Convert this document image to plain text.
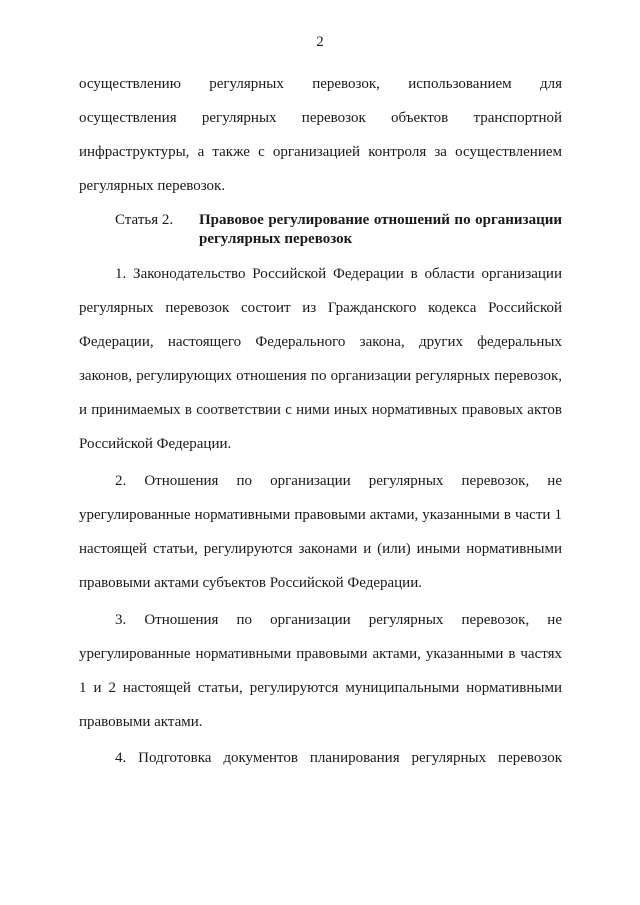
2
осуществлению регулярных перевозок, использованием для
осуществления регулярных перевозок объектов транспортной
инфраструктуры, а также с организацией контроля за осуществлением
регулярных перевозок.
Статья 2. Правовое регулирование отношений по организации
регулярных перевозок
1. Законодательство Российской Федерации в области организации
регулярных перевозок состоит из Гражданского кодекса Российской
Федерации, настоящего Федерального закона, других федеральных
законов, регулирующих отношения по организации регулярных перевозок,
и принимаемых в соответствии с ними иных нормативных правовых актов
Российской Федерации.
2. Отношения по организации регулярных перевозок, не
урегулированные нормативными правовыми актами, указанными в части 1
настоящей статьи, регулируются законами и (или) иными нормативными
правовыми актами субъектов Российской Федерации.
3. Отношения по организации регулярных перевозок, не
урегулированные нормативными правовыми актами, указанными в частях
1 и 2 настоящей статьи, регулируются муниципальными нормативными
правовыми актами.
4. Подготовка документов планирования регулярных перевозок
